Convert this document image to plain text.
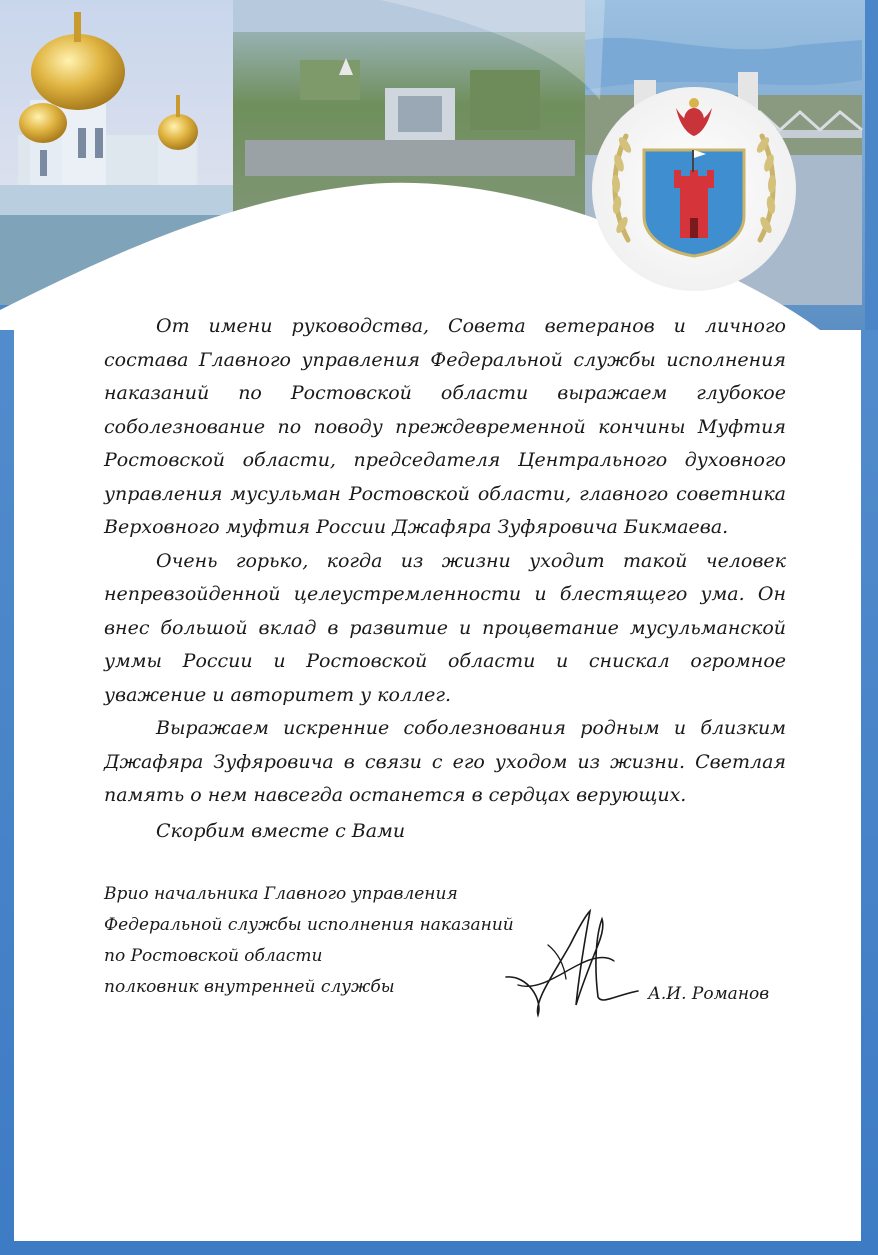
От имени руководства, Совета ветеранов и личного состава Главного управления Федеральной службы исполнения наказаний по Ростовской области выражаем глубокое соболезнование по поводу преждевременной кончины Муфтия Ростовской области, председателя Центрального духовного управления мусульман Ростовской области, главного советника Верховного муфтия России Джафяра Зуфяровича Бикмаева.

Очень горько, когда из жизни уходит такой человек непревзойденной целеустремленности и блестящего ума. Он внес большой вклад в развитие и процветание мусульманской уммы России и Ростовской области и снискал огромное уважение и авторитет у коллег.

Выражаем искренние соболезнования родным и близким Джафяра Зуфяровича в связи с его уходом из жизни. Светлая память о нем навсегда останется в сердцах верующих.

Скорбим вместе с Вами

Врио начальника Главного управления
Федеральной службы исполнения наказаний
по Ростовской области
полковник внутренней службы	А.И. Романов
